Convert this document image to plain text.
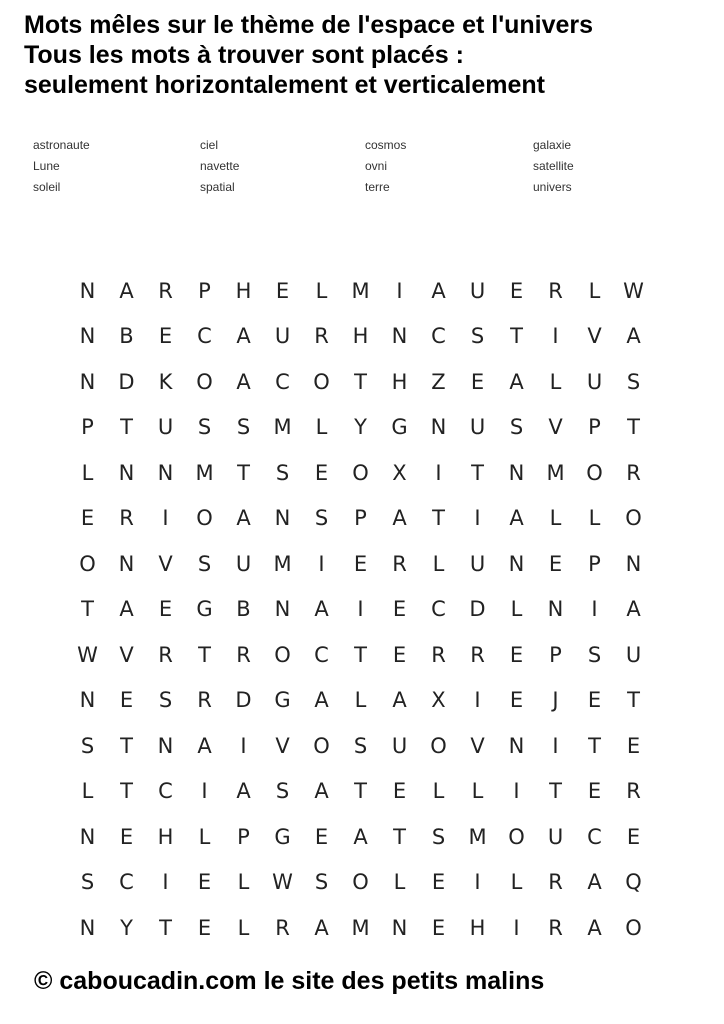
Mots mêles sur le thème de l'espace et l'univers
Tous les mots à trouver sont placés :
seulement horizontalement et verticalement
astronaute	ciel	cosmos	galaxie
Lune	navette	ovni	satellite
soleil	spatial	terre	univers
N	A	R	P	H	E	L	M	I	A	U	E	R	L	W
N	B	E	C	A	U	R	H	N	C	S	T	I	V	A
N	D	K	O	A	C	O	T	H	Z	E	A	L	U	S
P	T	U	S	S	M	L	Y	G	N	U	S	V	P	T
L	N	N	M	T	S	E	O	X	I	T	N	M	O	R
E	R	I	O	A	N	S	P	A	T	I	A	L	L	O
O	N	V	S	U	M	I	E	R	L	U	N	E	P	N
T	A	E	G	B	N	A	I	E	C	D	L	N	I	A
W	V	R	T	R	O	C	T	E	R	R	E	P	S	U
N	E	S	R	D	G	A	L	A	X	I	E	J	E	T
S	T	N	A	I	V	O	S	U	O	V	N	I	T	E
L	T	C	I	A	S	A	T	E	L	L	I	T	E	R
N	E	H	L	P	G	E	A	T	S	M	O	U	C	E
S	C	I	E	L	W	S	O	L	E	I	L	R	A	Q
N	Y	T	E	L	R	A	M	N	E	H	I	R	A	O
© caboucadin.com le site des petits malins
